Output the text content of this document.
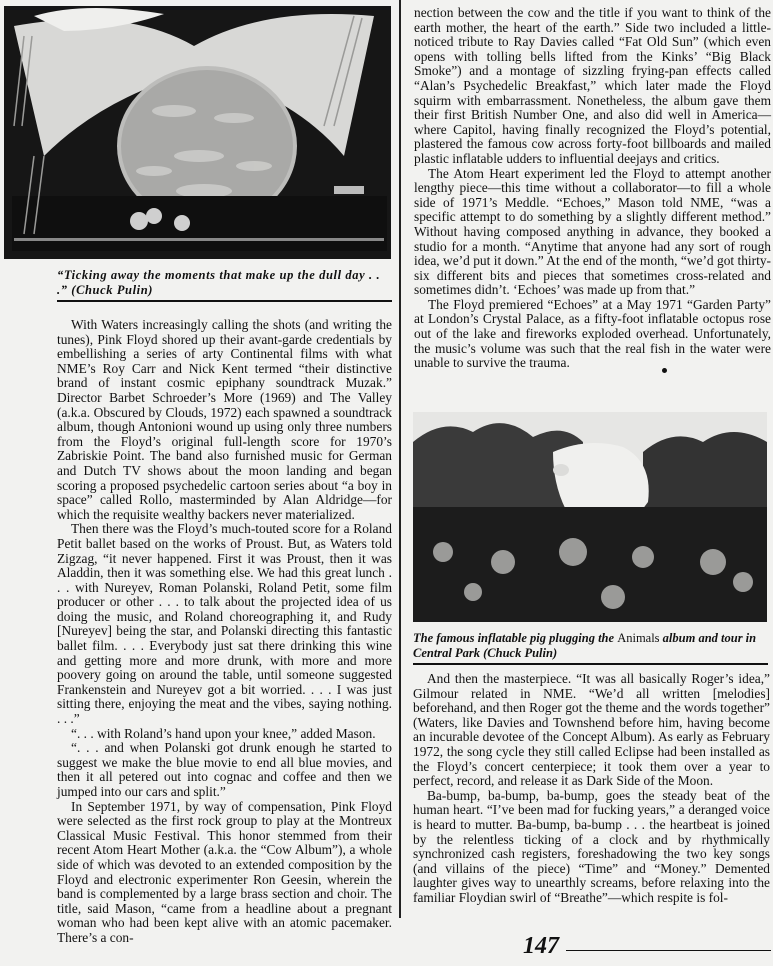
“Ticking away the moments that make up the dull day . . .” (Chuck Pulin)

With Waters increasingly calling the shots (and writing the tunes), Pink Floyd shored up their avant-garde credentials by embellishing a series of arty Continental films with what NME’s Roy Carr and Nick Kent termed “their distinctive brand of instant cosmic epiphany soundtrack Muzak.” Director Barbet Schroeder’s More (1969) and The Valley (a.k.a. Obscured by Clouds, 1972) each spawned a soundtrack album, though Antonioni wound up using only three numbers from the Floyd’s original full-length score for 1970’s Zabriskie Point. The band also furnished music for German and Dutch TV shows about the moon landing and began scoring a proposed psychedelic cartoon series about “a boy in space” called Rollo, masterminded by Alan Aldridge—for which the requisite wealthy backers never materialized.

Then there was the Floyd’s much-touted score for a Roland Petit ballet based on the works of Proust. But, as Waters told Zigzag, “it never happened. First it was Proust, then it was Aladdin, then it was something else. We had this great lunch . . . with Nureyev, Roman Polanski, Roland Petit, some film producer or other . . . to talk about the projected idea of us doing the music, and Roland choreographing it, and Rudy [Nureyev] being the star, and Polanski directing this fantastic ballet film. . . . Everybody just sat there drinking this wine and getting more and more drunk, with more and more poovery going on around the table, until someone suggested Frankenstein and Nureyev got a bit worried. . . . I was just sitting there, enjoying the meat and the vibes, saying nothing. . . .”

“. . . with Roland’s hand upon your knee,” added Mason.

“. . . and when Polanski got drunk enough he started to suggest we make the blue movie to end all blue movies, and then it all petered out into cognac and coffee and then we jumped into our cars and split.”

In September 1971, by way of compensation, Pink Floyd were selected as the first rock group to play at the Montreux Classical Music Festival. This honor stemmed from their recent Atom Heart Mother (a.k.a. the “Cow Album”), a whole side of which was devoted to an extended composition by the Floyd and electronic experimenter Ron Geesin, wherein the band is complemented by a large brass section and choir. The title, said Mason, “came from a headline about a pregnant woman who had been kept alive with an atomic pacemaker. There’s a con-

nection between the cow and the title if you want to think of the earth mother, the heart of the earth.” Side two included a little-noticed tribute to Ray Davies called “Fat Old Sun” (which even opens with tolling bells lifted from the Kinks’ “Big Black Smoke”) and a montage of sizzling frying-pan effects called “Alan’s Psychedelic Breakfast,” which later made the Floyd squirm with embarrassment. Nonetheless, the album gave them their first British Number One, and also did well in America—where Capitol, having finally recognized the Floyd’s potential, plastered the famous cow across forty-foot billboards and mailed plastic inflatable udders to influential deejays and critics.

The Atom Heart experiment led the Floyd to attempt another lengthy piece—this time without a collaborator—to fill a whole side of 1971’s Meddle. “Echoes,” Mason told NME, “was a specific attempt to do something by a slightly different method.” Without having composed anything in advance, they booked a studio for a month. “Anytime that anyone had any sort of rough idea, we’d put it down.” At the end of the month, “we’d got thirty-six different bits and pieces that sometimes cross-related and sometimes didn’t. ‘Echoes’ was made up from that.”

The Floyd premiered “Echoes” at a May 1971 “Garden Party” at London’s Crystal Palace, as a fifty-foot inflatable octopus rose out of the lake and fireworks exploded overhead. Unfortunately, the music’s volume was such that the real fish in the water were unable to survive the trauma.

The famous inflatable pig plugging the Animals album and tour in Central Park (Chuck Pulin)

And then the masterpiece. “It was all basically Roger’s idea,” Gilmour related in NME. “We’d all written [melodies] beforehand, and then Roger got the theme and the words together” (Waters, like Davies and Townshend before him, having become an incurable devotee of the Concept Album). As early as February 1972, the song cycle they still called Eclipse had been installed as the Floyd’s concert centerpiece; it took them over a year to perfect, record, and release it as Dark Side of the Moon.

Ba-bump, ba-bump, ba-bump, goes the steady beat of the human heart. “I’ve been mad for fucking years,” a deranged voice is heard to mutter. Ba-bump, ba-bump . . . the heartbeat is joined by the relentless ticking of a clock and by rhythmically synchronized cash registers, foreshadowing the two key songs (and villains of the piece) “Time” and “Money.” Demented laughter gives way to unearthly screams, before relaxing into the familiar Floydian swirl of “Breathe”—which respite is fol-

147
